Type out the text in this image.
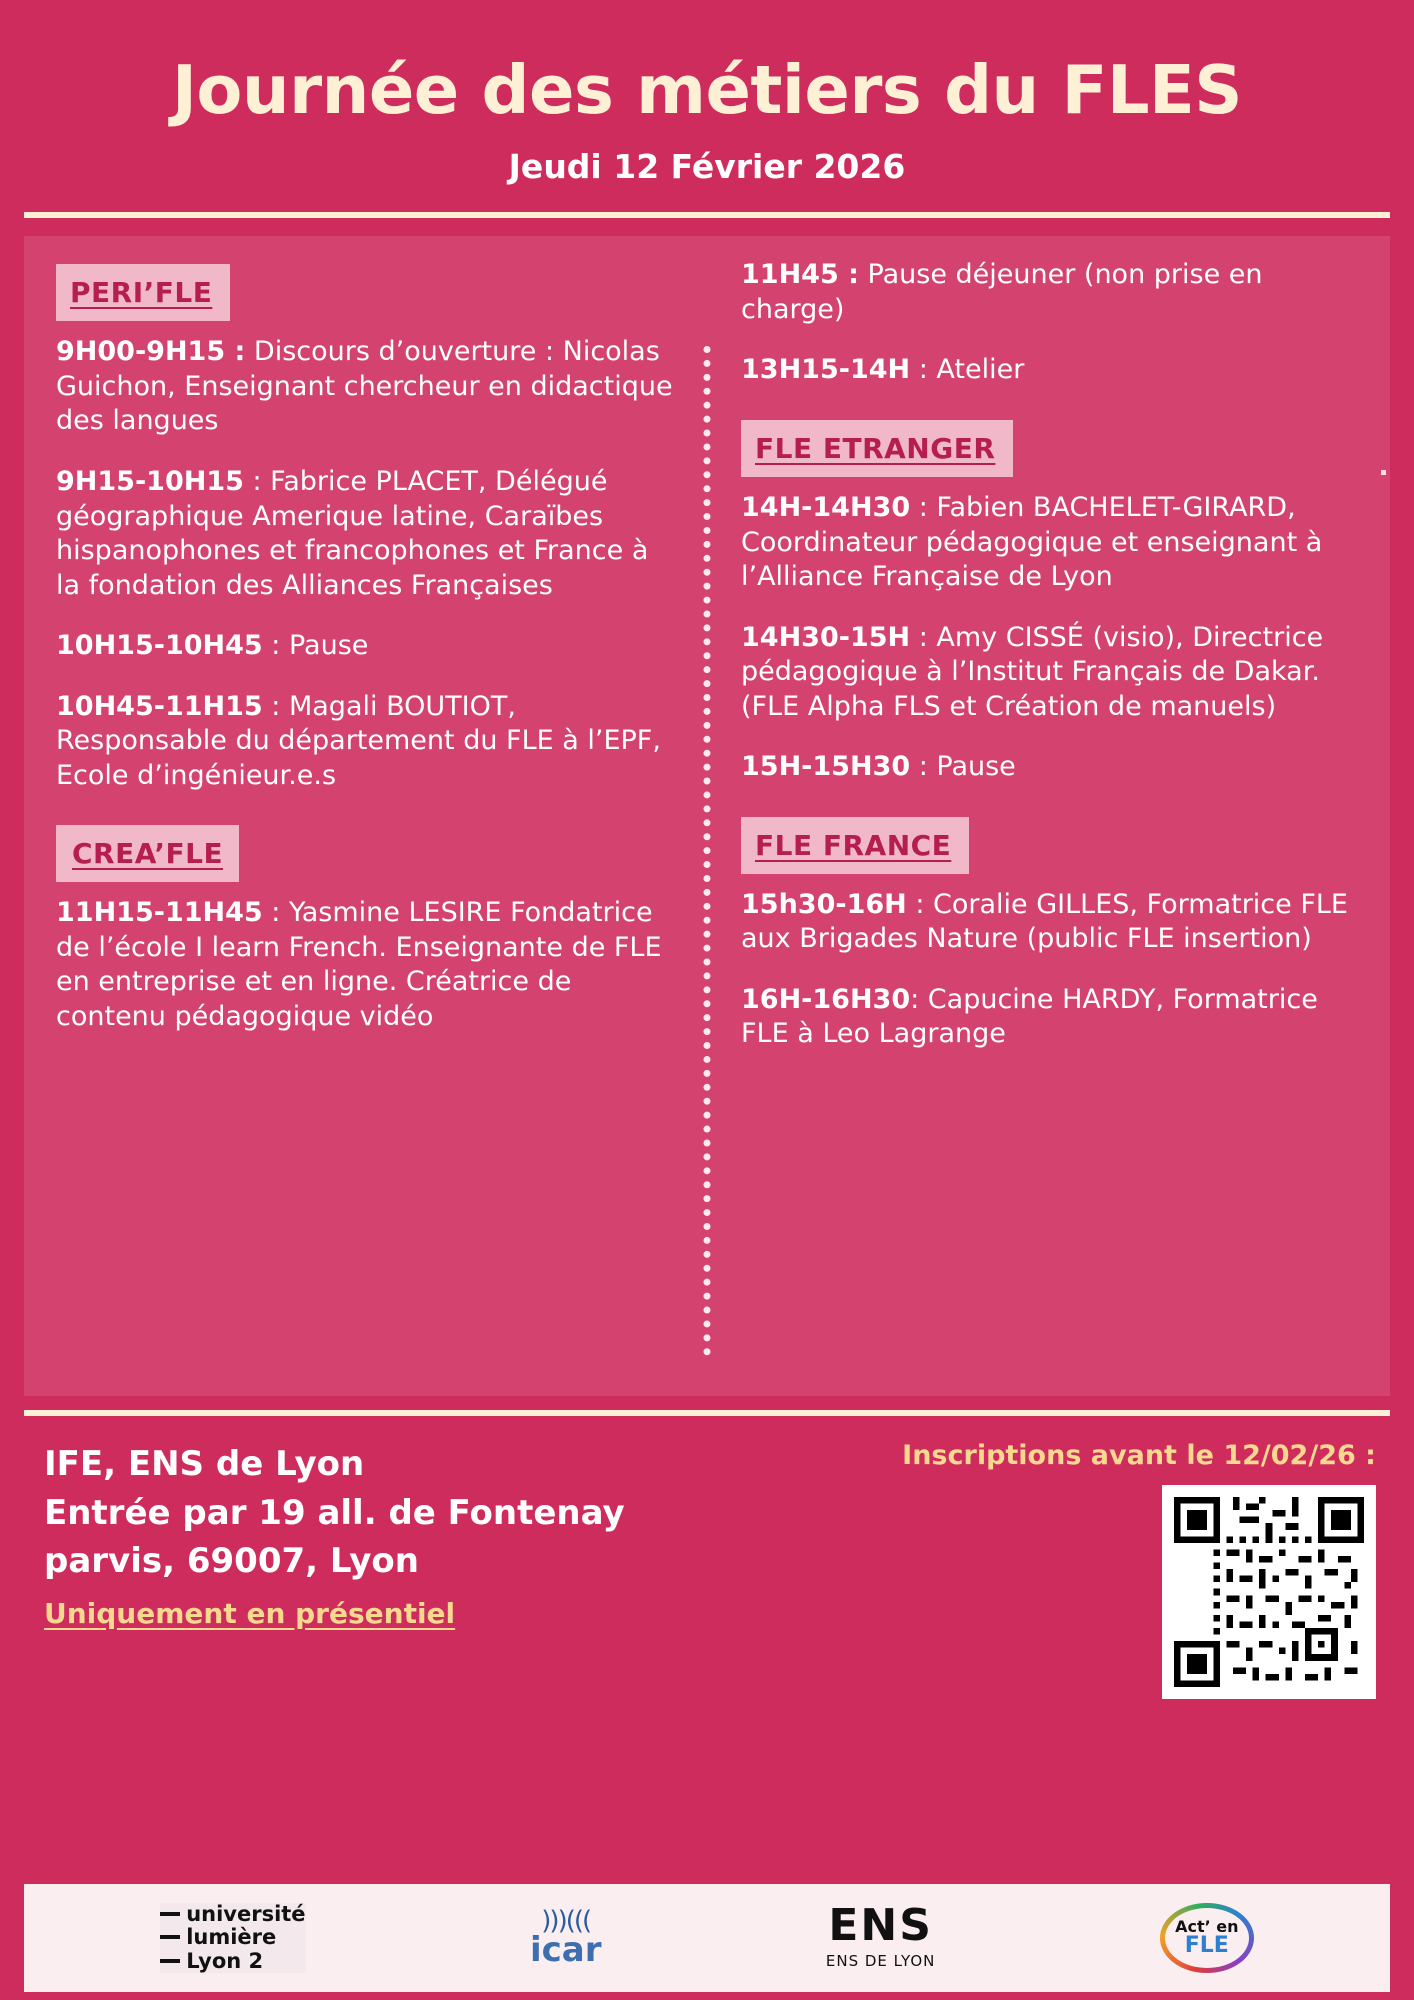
Journée des métiers du FLES
Jeudi 12 Février 2026
PERI’FLE

9H00-9H15 : Discours d’ouverture : Nicolas Guichon, Enseignant chercheur en didactique des langues

9H15-10H15 : Fabrice PLACET, Délégué géographique Amerique latine, Caraïbes hispanophones et francophones et France à la fondation des Alliances Françaises

10H15-10H45 : Pause

10H45-11H15 : Magali BOUTIOT, Responsable du département du FLE à l’EPF, Ecole d’ingénieur.e.s

CREA’FLE

11H15-11H45 : Yasmine LESIRE Fondatrice de l’école I learn French. Enseignante de FLE en entreprise et en ligne. Créatrice de contenu pédagogique vidéo

11H45 : Pause déjeuner (non prise en charge)

13H15-14H : Atelier

FLE ETRANGER

14H-14H30 : Fabien BACHELET-GIRARD, Coordinateur pédagogique et enseignant à l’Alliance Française de Lyon

14H30-15H : Amy CISSÉ (visio), Directrice pédagogique à l’Institut Français de Dakar. (FLE Alpha FLS et Création de manuels)

15H-15H30 : Pause

FLE FRANCE

15h30-16H : Coralie GILLES, Formatrice FLE aux Brigades Nature (public FLE insertion)

16H-16H30: Capucine HARDY, Formatrice FLE à Leo Lagrange

IFE, ENS de Lyon
Entrée par 19 all. de Fontenay
parvis, 69007, Lyon
Uniquement en présentiel
Inscriptions avant le 12/02/26 :
université
lumière
Lyon 2
)))(((
icar	ENS
ENS DE LYON
Act’ en
FLE
